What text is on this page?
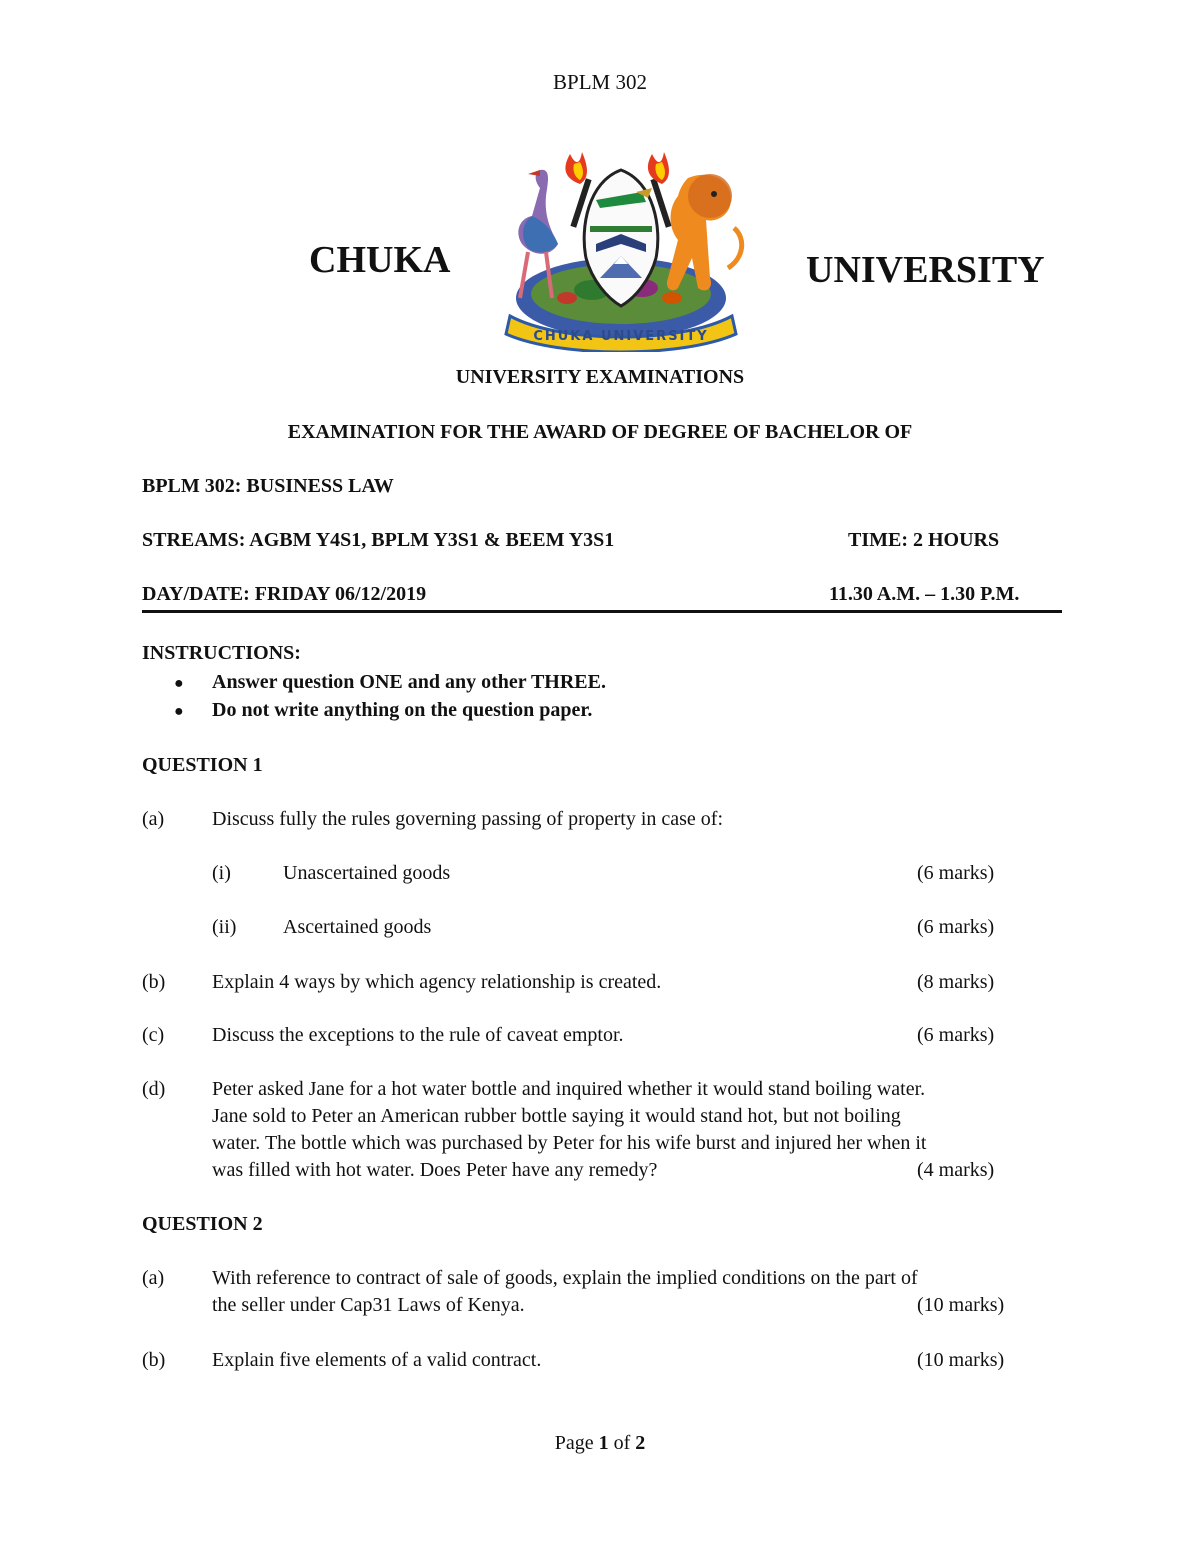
BPLM 302
CHUKA	UNIVERSITY
CHUKA UNIVERSITY
UNIVERSITY EXAMINATIONS
EXAMINATION FOR THE AWARD OF DEGREE OF BACHELOR OF
BPLM 302: BUSINESS LAW
STREAMS: AGBM Y4S1, BPLM Y3S1 & BEEM Y3S1	TIME: 2 HOURS
DAY/DATE: FRIDAY 06/12/2019	11.30 A.M. – 1.30 P.M.
INSTRUCTIONS:
● Answer question ONE and any other THREE.
● Do not write anything on the question paper.
QUESTION 1
(a) Discuss fully the rules governing passing of property in case of:
(i)	Unascertained goods	(6 marks)
(ii) Ascertained goods	(6 marks)
(b) Explain 4 ways by which agency relationship is created.	(8 marks)
(c) Discuss the exceptions to the rule of caveat emptor.	(6 marks)
(d) Peter asked Jane for a hot water bottle and inquired whether it would stand boiling water.
Jane sold to Peter an American rubber bottle saying it would stand hot, but not boiling
water. The bottle which was purchased by Peter for his wife burst and injured her when it
was filled with hot water. Does Peter have any remedy?	(4 marks)
QUESTION 2
(a) With reference to contract of sale of goods, explain the implied conditions on the part of
the seller under Cap31 Laws of Kenya.	(10 marks)
(b) Explain five elements of a valid contract.	(10 marks)
Page 1 of 2
